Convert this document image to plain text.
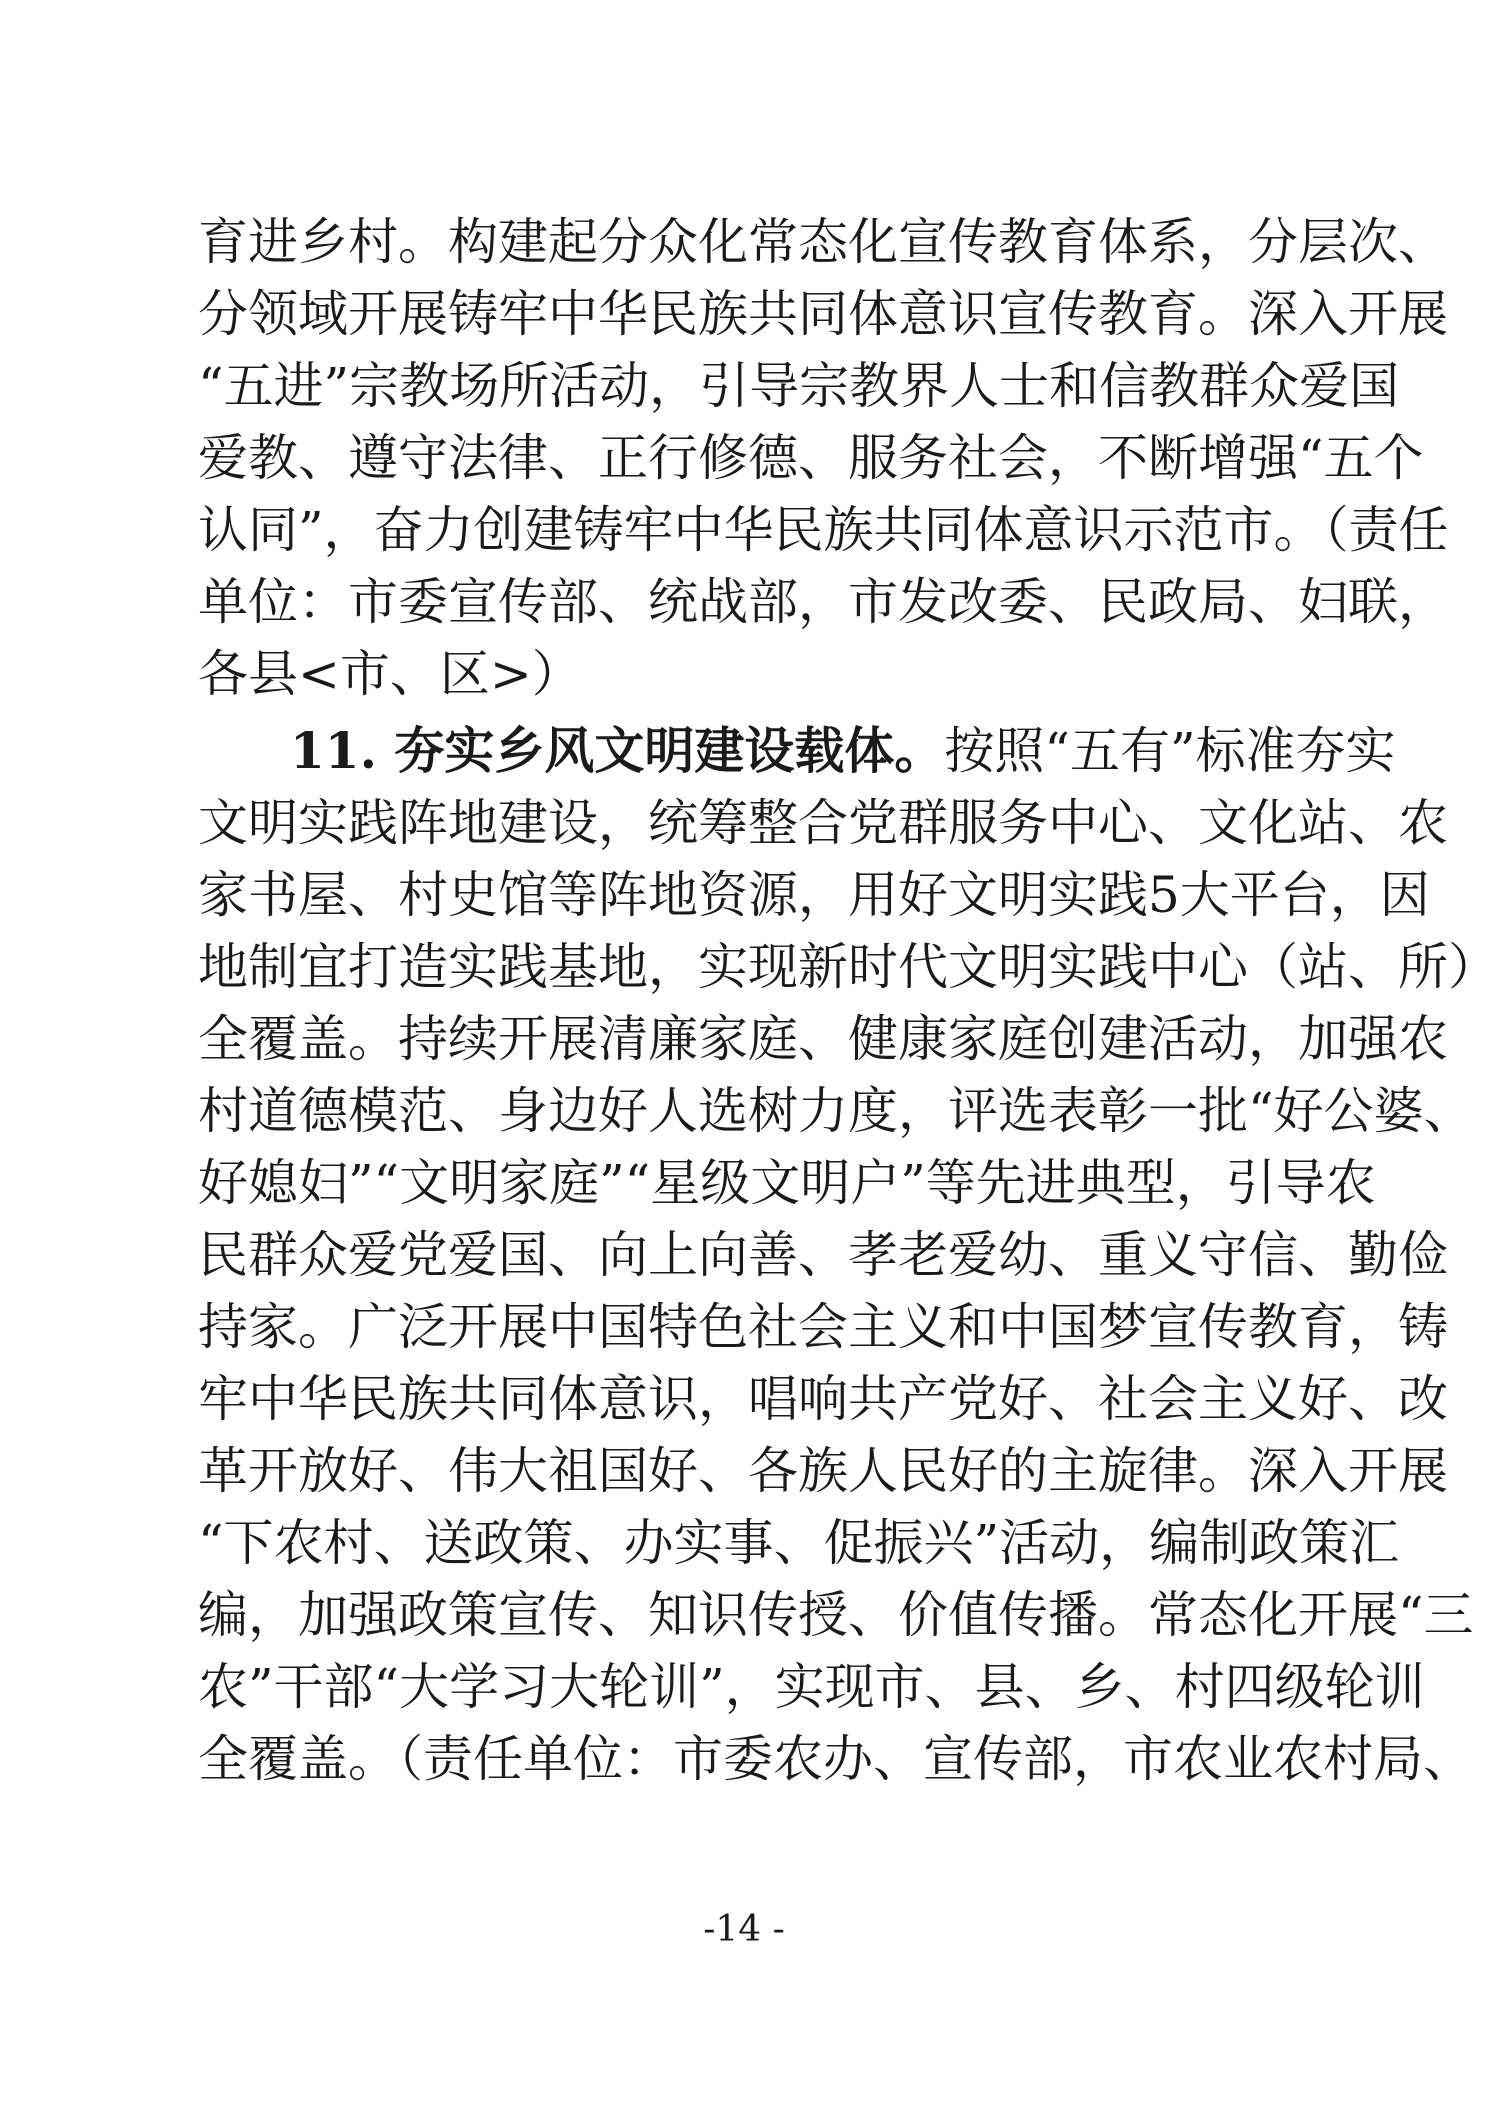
育进乡村。构建起分众化常态化宣传教育体系，分层次、
分领域开展铸牢中华民族共同体意识宣传教育。深入开展
“五进”宗教场所活动，引导宗教界人士和信教群众爱国
爱教、遵守法律、正行修德、服务社会，不断增强“五个
认同”，奋力创建铸牢中华民族共同体意识示范市。（责任
单位：市委宣传部、统战部，市发改委、民政局、妇联，
各县<市、区>）
11. 夯实乡风文明建设载体。按照“五有”标准夯实
文明实践阵地建设，统筹整合党群服务中心、文化站、农
家书屋、村史馆等阵地资源，用好文明实践5大平台，因
地制宜打造实践基地，实现新时代文明实践中心（站、所）
全覆盖。持续开展清廉家庭、健康家庭创建活动，加强农
村道德模范、身边好人选树力度，评选表彰一批“好公婆、
好媳妇”“文明家庭”“星级文明户”等先进典型，引导农
民群众爱党爱国、向上向善、孝老爱幼、重义守信、勤俭
持家。广泛开展中国特色社会主义和中国梦宣传教育，铸
牢中华民族共同体意识，唱响共产党好、社会主义好、改
革开放好、伟大祖国好、各族人民好的主旋律。深入开展
“下农村、送政策、办实事、促振兴”活动，编制政策汇
编，加强政策宣传、知识传授、价值传播。常态化开展“三
农”干部“大学习大轮训”，实现市、县、乡、村四级轮训
全覆盖。（责任单位：市委农办、宣传部，市农业农村局、
-14 -
